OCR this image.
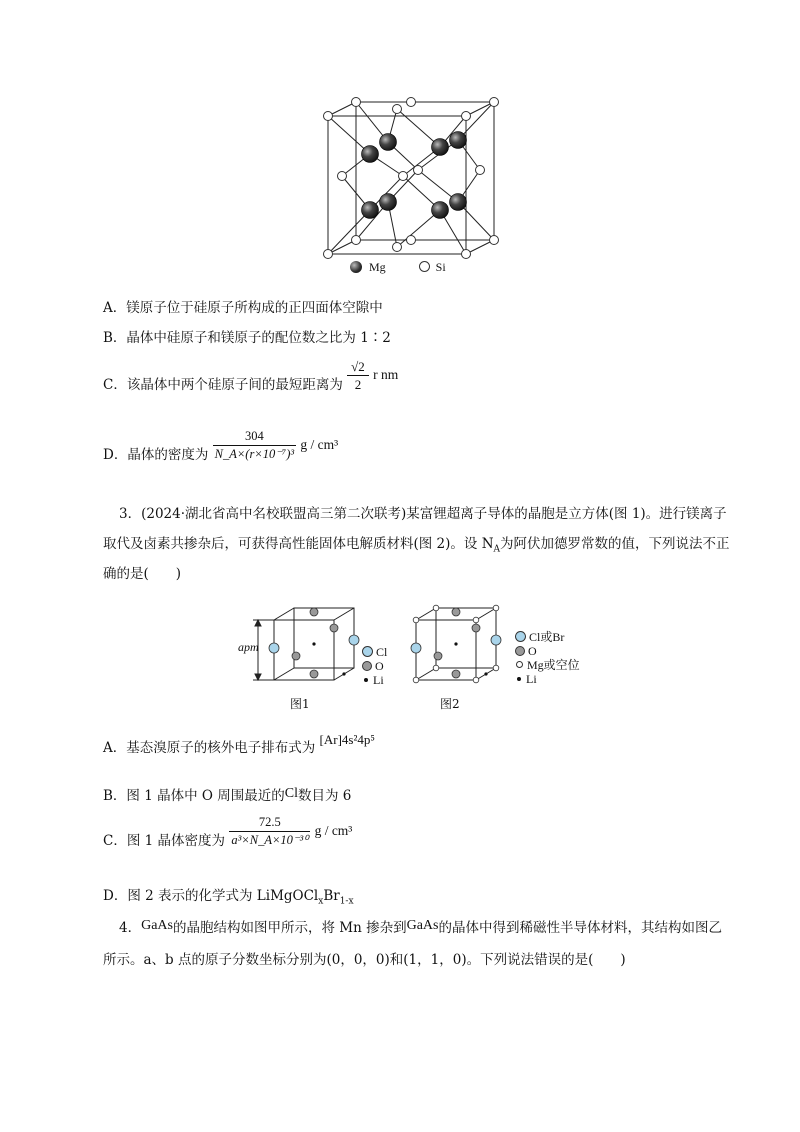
Mg	Si
A．镁原子位于硅原子所构成的正四面体空隙中
B．晶体中硅原子和镁原子的配位数之比为 1∶2
C．该晶体中两个硅原子间的最短距离为 $\frac{√2}{2}$ r nm
D．晶体的密度为 $\frac{304}{\text{N\_A×(r×10⁻⁷)³}}$ g / cm³
3．(2024·湖北省高中名校联盟高三第二次联考)某富锂超离子导体的晶胞是立方体(图 1)。进行镁离子
取代及卤素共掺杂后，可获得高性能固体电解质材料(图 2)。设 $N_A$为阿伏加德罗常数的值，下列说法不正
确的是(　　)
apm	Cl
O
Li
Cl或Br
O
Mg或空位
Li
图1	图2
A．基态溴原子的核外电子排布式为 [Ar]4s²4p⁵
B．图 1 晶体中 O 周围最近的Cl数目为 6
C．图 1 晶体密度为 $\frac{72.5}{\text{a³×N\_A×10⁻³⁰}}$ g / cm³
D．图 2 表示的化学式为 $LiMgOCl_xBr_{1-x}$
4．GaAs的晶胞结构如图甲所示，将 Mn 掺杂到GaAs的晶体中得到稀磁性半导体材料，其结构如图乙
所示。a、b 点的原子分数坐标分别为(0，0，0)和(1，1，0)。下列说法错误的是(　　)
